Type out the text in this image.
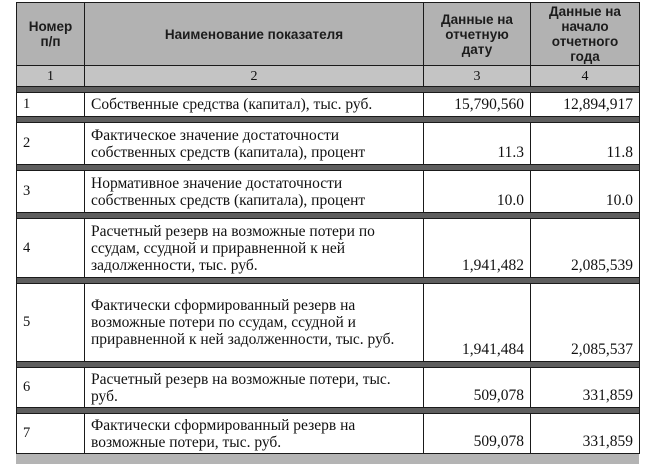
Номер п/п	Наименование показателя	Данные на отчетную дату	Данные на начало отчетного года
1	2	3	4

1	Собственные средства (капитал), тыс. руб.	15,790,560	12,894,917

2	Фактическое значение достаточности собственных средств (капитала), процент	11.3	11.8

3	Нормативное значение достаточности собственных средств (капитала), процент	10.0	10.0

4	Расчетный резерв на возможные потери по ссудам, ссудной и приравненной к ней задолженности, тыс. руб.	1,941,482	2,085,539

5	Фактически сформированный резерв на возможные потери по ссудам, ссудной и приравненной к ней задолженности, тыс. руб.	1,941,484	2,085,537

6	Расчетный резерв на возможные потери, тыс. руб.	509,078	331,859

7	Фактически сформированный резерв на возможные потери, тыс. руб.	509,078	331,859
